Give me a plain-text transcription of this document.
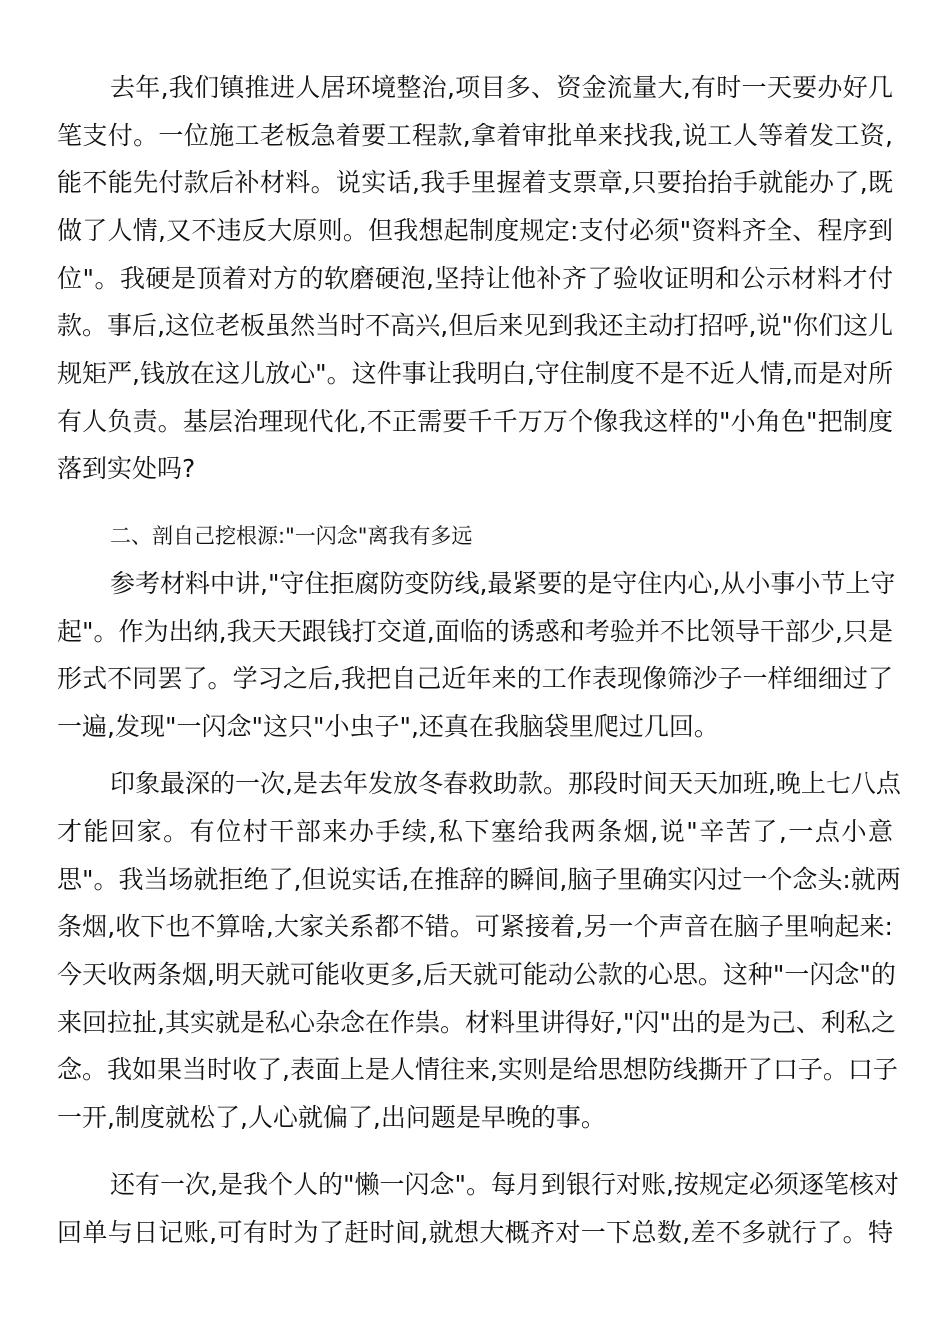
去年,我们镇推进人居环境整治,项目多、资金流量大,有时一天要办好几
笔支付。一位施工老板急着要工程款,拿着审批单来找我,说工人等着发工资,
能不能先付款后补材料。说实话,我手里握着支票章,只要抬抬手就能办了,既
做了人情,又不违反大原则。但我想起制度规定:支付必须"资料齐全、程序到
位"。我硬是顶着对方的软磨硬泡,坚持让他补齐了验收证明和公示材料才付
款。事后,这位老板虽然当时不高兴,但后来见到我还主动打招呼,说"你们这儿
规矩严,钱放在这儿放心"。这件事让我明白,守住制度不是不近人情,而是对所
有人负责。基层治理现代化,不正需要千千万万个像我这样的"小角色"把制度
落到实处吗?
二、剖自己挖根源:"一闪念"离我有多远
参考材料中讲,"守住拒腐防变防线,最紧要的是守住内心,从小事小节上守
起"。作为出纳,我天天跟钱打交道,面临的诱惑和考验并不比领导干部少,只是
形式不同罢了。学习之后,我把自己近年来的工作表现像筛沙子一样细细过了
一遍,发现"一闪念"这只"小虫子",还真在我脑袋里爬过几回。
印象最深的一次,是去年发放冬春救助款。那段时间天天加班,晚上七八点
才能回家。有位村干部来办手续,私下塞给我两条烟,说"辛苦了,一点小意
思"。我当场就拒绝了,但说实话,在推辞的瞬间,脑子里确实闪过一个念头:就两
条烟,收下也不算啥,大家关系都不错。可紧接着,另一个声音在脑子里响起来:
今天收两条烟,明天就可能收更多,后天就可能动公款的心思。这种"一闪念"的
来回拉扯,其实就是私心杂念在作祟。材料里讲得好,"闪"出的是为己、利私之
念。我如果当时收了,表面上是人情往来,实则是给思想防线撕开了口子。口子
一开,制度就松了,人心就偏了,出问题是早晚的事。
还有一次,是我个人的"懒一闪念"。每月到银行对账,按规定必须逐笔核对
回单与日记账,可有时为了赶时间,就想大概齐对一下总数,差不多就行了。特
